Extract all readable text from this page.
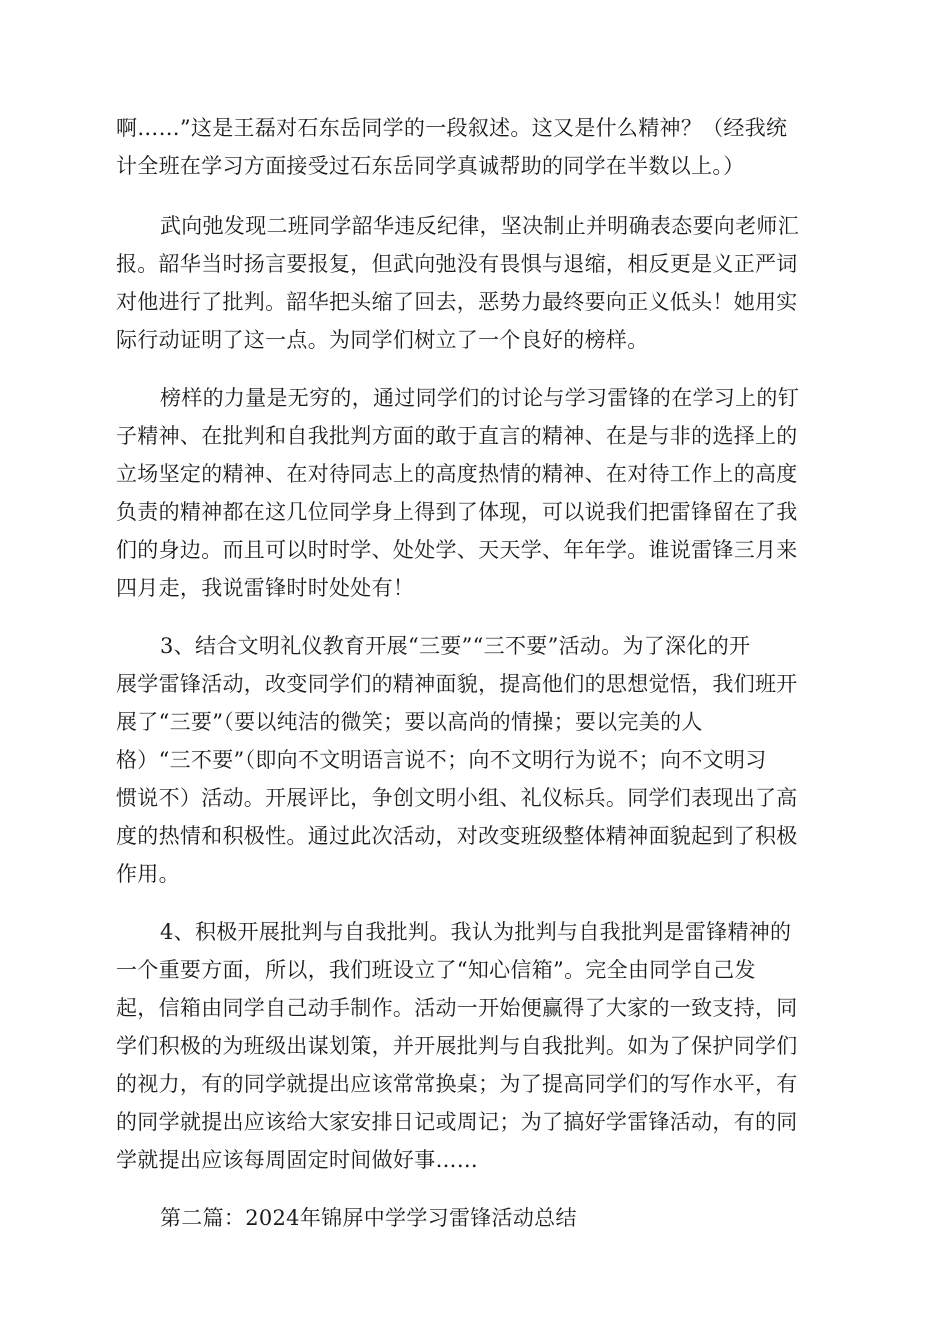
啊……”这是王磊对石东岳同学的一段叙述。这又是什么精神？（经我统
计全班在学习方面接受过石东岳同学真诚帮助的同学在半数以上。）
武向弛发现二班同学韶华违反纪律，坚决制止并明确表态要向老师汇
报。韶华当时扬言要报复，但武向弛没有畏惧与退缩，相反更是义正严词
对他进行了批判。韶华把头缩了回去，恶势力最终要向正义低头！她用实
际行动证明了这一点。为同学们树立了一个良好的榜样。
榜样的力量是无穷的，通过同学们的讨论与学习雷锋的在学习上的钉
子精神、在批判和自我批判方面的敢于直言的精神、在是与非的选择上的
立场坚定的精神、在对待同志上的高度热情的精神、在对待工作上的高度
负责的精神都在这几位同学身上得到了体现，可以说我们把雷锋留在了我
们的身边。而且可以时时学、处处学、天天学、年年学。谁说雷锋三月来
四月走，我说雷锋时时处处有！
3、结合文明礼仪教育开展“三要”“三不要”活动。为了深化的开
展学雷锋活动，改变同学们的精神面貌，提高他们的思想觉悟，我们班开
展了“三要”（要以纯洁的微笑；要以高尚的情操；要以完美的人
格）“三不要”（即向不文明语言说不；向不文明行为说不；向不文明习
惯说不）活动。开展评比，争创文明小组、礼仪标兵。同学们表现出了高
度的热情和积极性。通过此次活动，对改变班级整体精神面貌起到了积极
作用。
4、积极开展批判与自我批判。我认为批判与自我批判是雷锋精神的
一个重要方面，所以，我们班设立了“知心信箱”。完全由同学自己发
起，信箱由同学自己动手制作。活动一开始便赢得了大家的一致支持，同
学们积极的为班级出谋划策，并开展批判与自我批判。如为了保护同学们
的视力，有的同学就提出应该常常换桌；为了提高同学们的写作水平，有
的同学就提出应该给大家安排日记或周记；为了搞好学雷锋活动，有的同
学就提出应该每周固定时间做好事……
第二篇：2024年锦屏中学学习雷锋活动总结
